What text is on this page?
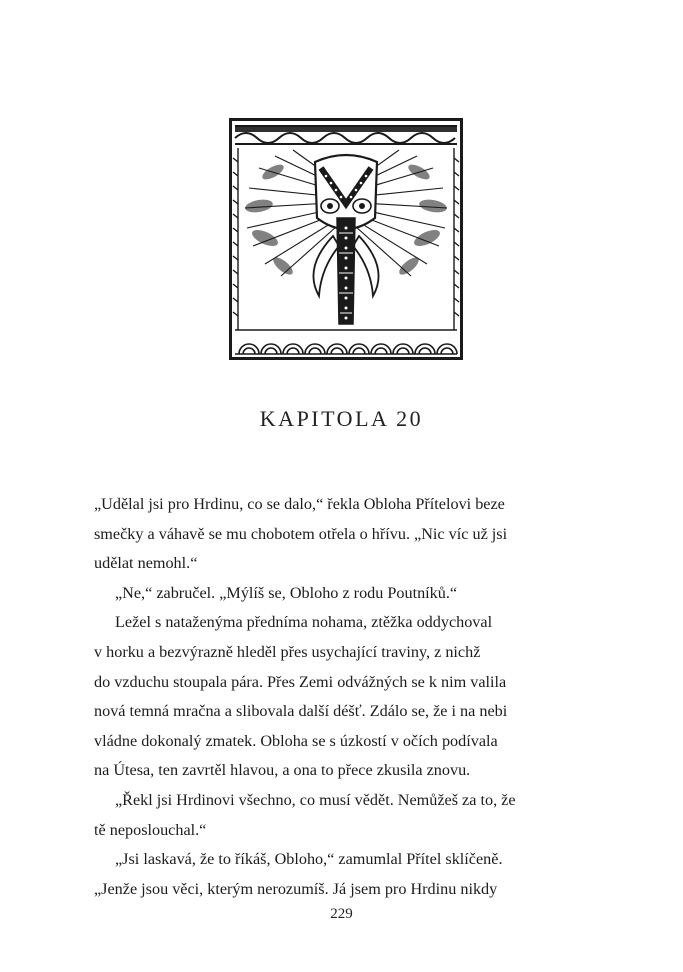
KAPITOLA 20
„Udělal jsi pro Hrdinu, co se dalo,“ řekla Obloha Přítelovi beze
smečky a váhavě se mu chobotem otřela o hřívu. „Nic víc už jsi
udělat nemohl.“
„Ne,“ zabručel. „Mýlíš se, Obloho z rodu Poutníků.“
Ležel s nataženýma předníma nohama, ztěžka oddychoval
v horku a bezvýrazně hleděl přes usychající traviny, z nichž
do vzduchu stoupala pára. Přes Zemi odvážných se k nim valila
nová temná mračna a slibovala další déšť. Zdálo se, že i na nebi
vládne dokonalý zmatek. Obloha se s úzkostí v očích podívala
na Útesa, ten zavrtěl hlavou, a ona to přece zkusila znovu.
„Řekl jsi Hrdinovi všechno, co musí vědět. Nemůžeš za to, že
tě neposlouchal.“
„Jsi laskavá, že to říkáš, Obloho,“ zamumlal Přítel sklíčeně.
„Jenže jsou věci, kterým nerozumíš. Já jsem pro Hrdinu nikdy
229
